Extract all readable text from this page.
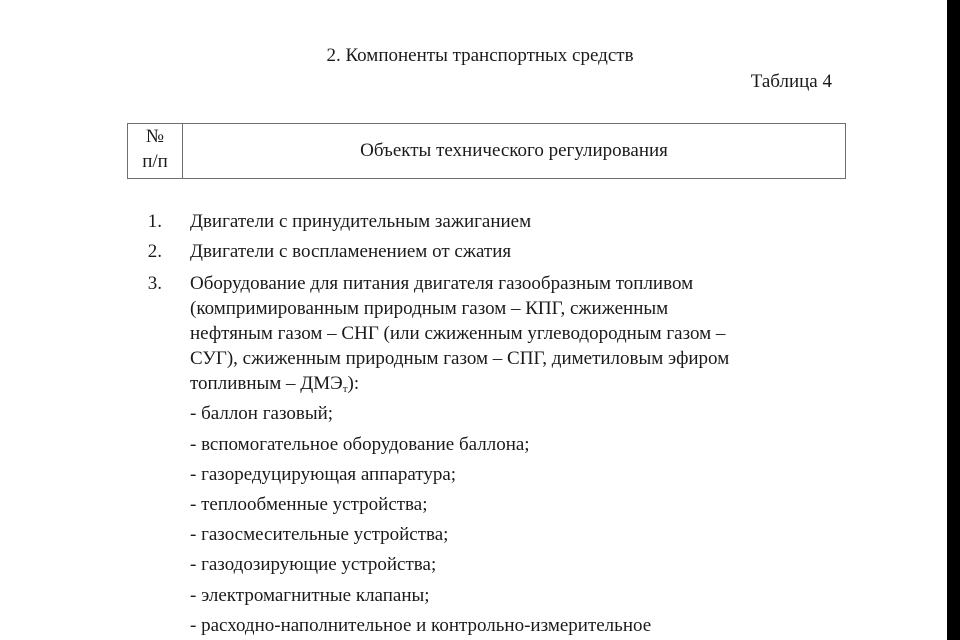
2. Компоненты транспортных средств
Таблица 4
№
п/п
Объекты технического регулирования
1. Двигатели с принудительным зажиганием
2. Двигатели с воспламенением от сжатия
3. Оборудование для питания двигателя газообразным топливом
(компримированным природным газом – КПГ, сжиженным
нефтяным газом – СНГ (или сжиженным углеводородным газом –
СУГ), сжиженным природным газом – СПГ, диметиловым эфиром
топливным – $ДМЭ_т$):
- баллон газовый;
- вспомогательное оборудование баллона;
- газоредуцирующая аппаратура;
- теплообменные устройства;
- газосмесительные устройства;
- газодозирующие устройства;
- электромагнитные клапаны;
- расходно-наполнительное и контрольно-измерительное
